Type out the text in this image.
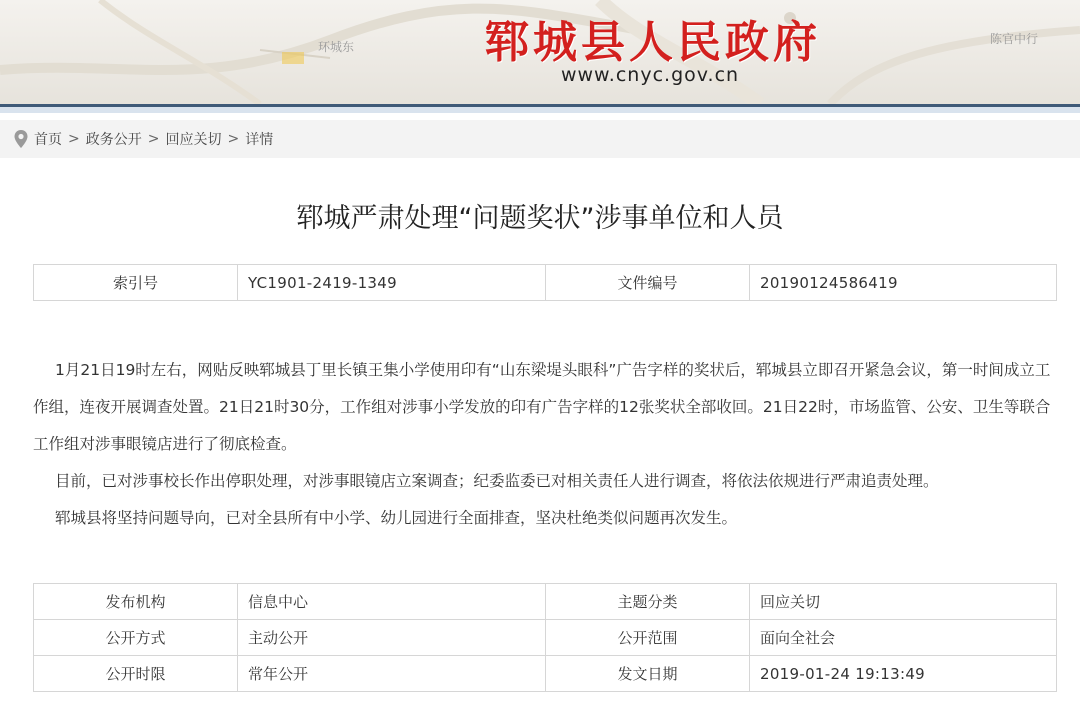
环城东
陈官中行
郓城县人民政府
www.cnyc.gov.cn
首页 > 政务公开 > 回应关切 > 详情
郓城严肃处理“问题奖状”涉事单位和人员
索引号	YC1901-2419-1349	文件编号	20190124586419

1月21日19时左右，网贴反映郓城县丁里长镇王集小学使用印有“山东梁堤头眼科”广告字样的奖状后，郓城县立即召开紧急会议，第一时间成立工作组，连夜开展调查处置。21日21时30分，工作组对涉事小学发放的印有广告字样的12张奖状全部收回。21日22时，市场监管、公安、卫生等联合工作组对涉事眼镜店进行了彻底检查。

目前，已对涉事校长作出停职处理，对涉事眼镜店立案调查；纪委监委已对相关责任人进行调查，将依法依规进行严肃追责处理。

郓城县将坚持问题导向，已对全县所有中小学、幼儿园进行全面排查，坚决杜绝类似问题再次发生。

发布机构	信息中心	主题分类	回应关切
公开方式	主动公开	公开范围	面向全社会
公开时限	常年公开	发文日期	2019-01-24 19:13:49
